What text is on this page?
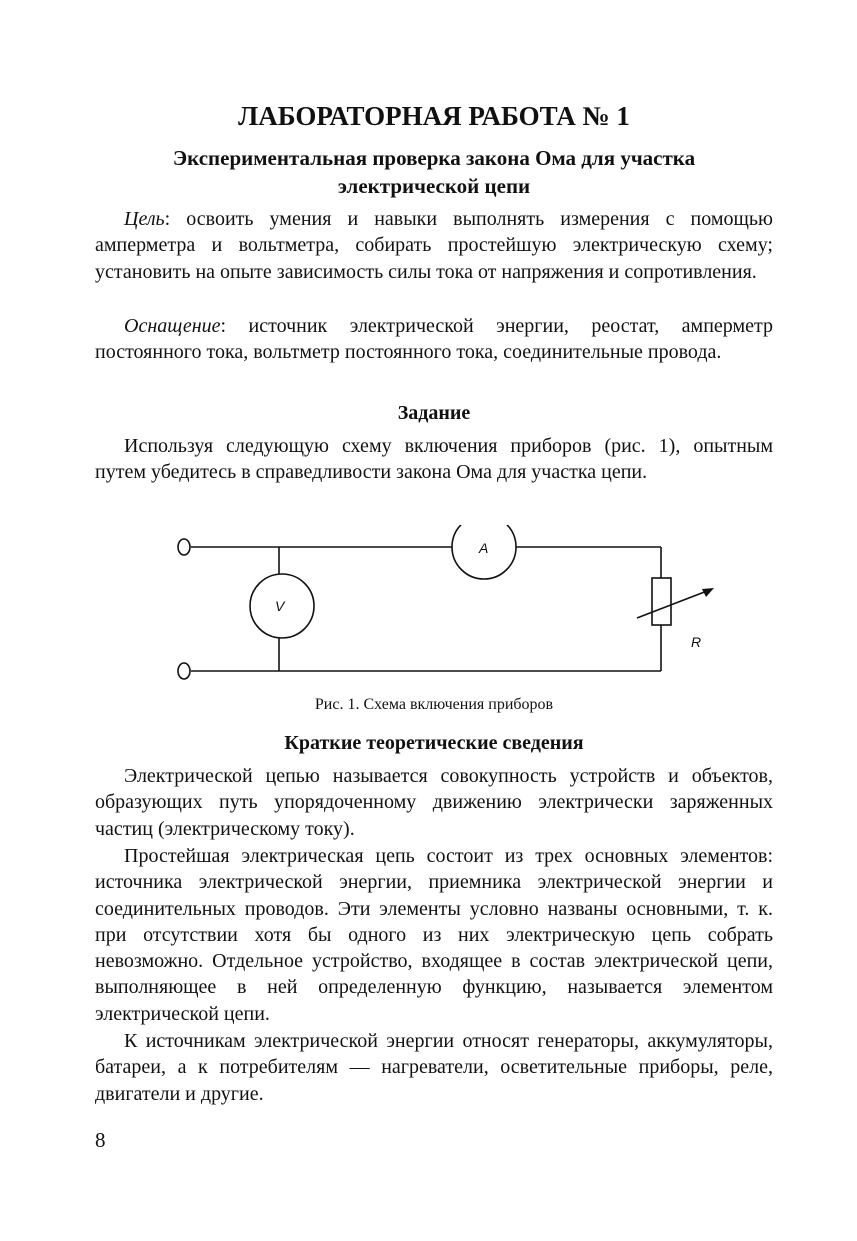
ЛАБОРАТОРНАЯ РАБОТА № 1
Экспериментальная проверка закона Ома для участка
электрической цепи

Цель: освоить умения и навыки выполнять измерения с помощью амперметра и вольтметра, собирать простейшую электрическую схему; установить на опыте зависимость силы тока от напряжения и сопротивления.

Оснащение: источник электрической энергии, реостат, амперметр постоянного тока, вольтметр постоянного тока, соединительные провода.

Задание

Используя следующую схему включения приборов (рис. 1), опытным путем убедитесь в справедливости закона Ома для участка цепи.

Рис. 1. Схема включения приборов
Краткие теоретические сведения

Электрической цепью называется совокупность устройств и объектов, образующих путь упорядоченному движению электрически заряженных частиц (электрическому току).

Простейшая электрическая цепь состоит из трех основных элементов: источника электрической энергии, приемника электрической энергии и соединительных проводов. Эти элементы условно названы основными, т. к. при отсутствии хотя бы одного из них электрическую цепь собрать невозможно. Отдельное устройство, входящее в состав электрической цепи, выполняющее в ней определенную функцию, называется элементом электрической цепи.

К источникам электрической энергии относят генераторы, аккумуляторы, батареи, а к потребителям — нагреватели, осветительные приборы, реле, двигатели и другие.

A
V
R
8
